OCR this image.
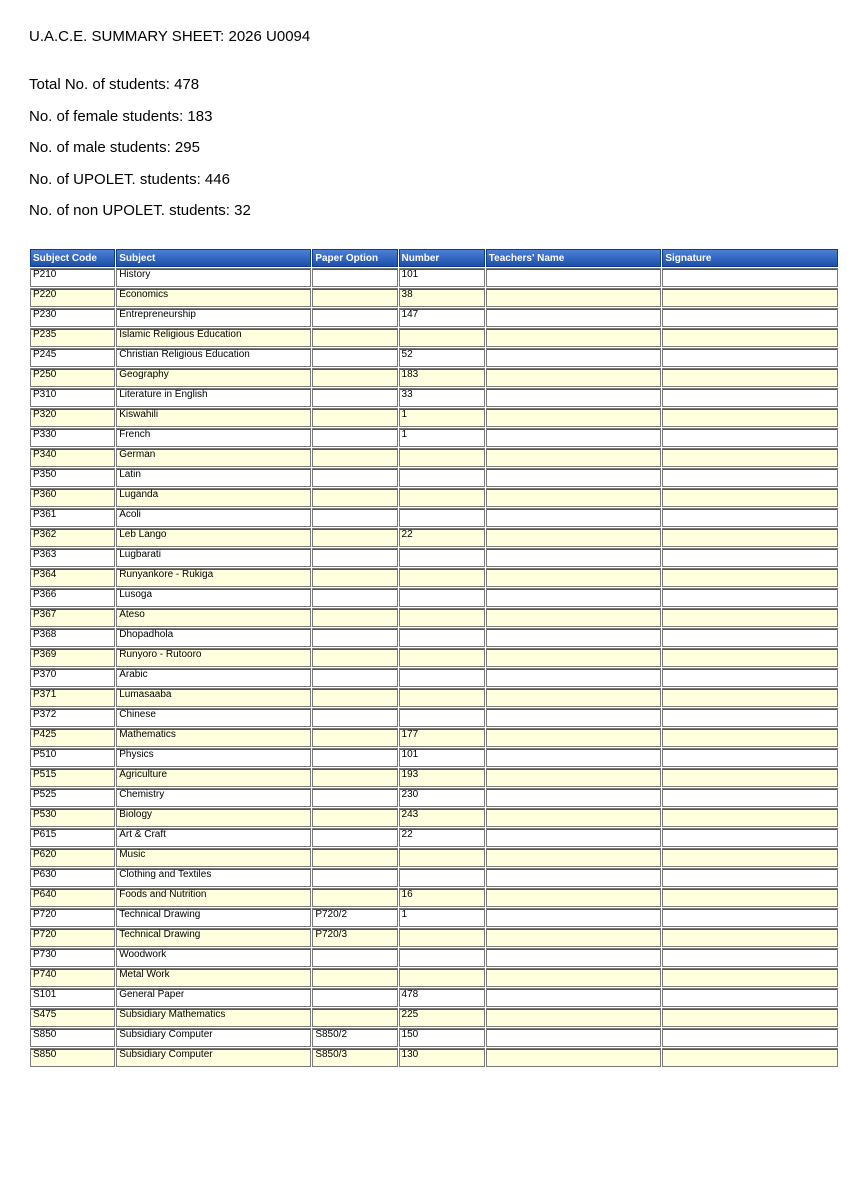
U.A.C.E. SUMMARY SHEET: 2026 U0094
Total No. of students: 478
No. of female students: 183
No. of male students: 295
No. of UPOLET. students: 446
No. of non UPOLET. students: 32
Subject Code	Subject	Paper Option	Number	Teachers' Name	Signature
P210	History		101		
P220	Economics		38		
P230	Entrepreneurship		147		
P235	Islamic Religious Education				
P245	Christian Religious Education		52		
P250	Geography		183		
P310	Literature in English		33		
P320	Kiswahili		1		
P330	French		1		
P340	German				
P350	Latin				
P360	Luganda				
P361	Acoli				
P362	Leb Lango		22		
P363	Lugbarati				
P364	Runyankore - Rukiga				
P366	Lusoga				
P367	Ateso				
P368	Dhopadhola				
P369	Runyoro - Rutooro				
P370	Arabic				
P371	Lumasaaba				
P372	Chinese				
P425	Mathematics		177		
P510	Physics		101		
P515	Agriculture		193		
P525	Chemistry		230		
P530	Biology		243		
P615	Art & Craft		22		
P620	Music				
P630	Clothing and Textiles				
P640	Foods and Nutrition		16		
P720	Technical Drawing	P720/2	1		
P720	Technical Drawing	P720/3			
P730	Woodwork				
P740	Metal Work				
S101	General Paper		478		
S475	Subsidiary Mathematics		225		
S850	Subsidiary Computer	S850/2	150		
S850	Subsidiary Computer	S850/3	130		
